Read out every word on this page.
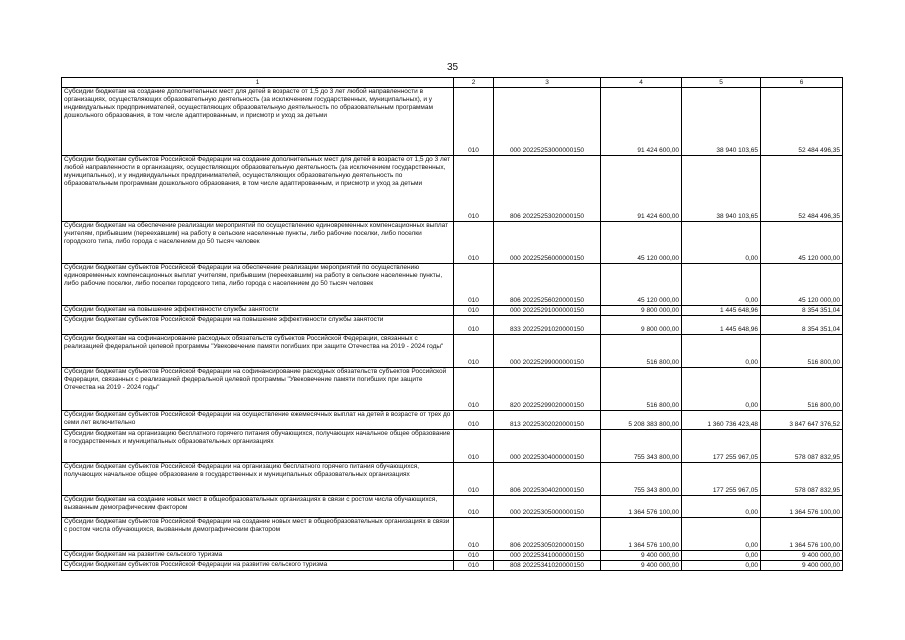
35
1	2	3	4	5	6
Субсидии бюджетам на создание дополнительных мест для детей в возрасте от 1,5 до 3 лет любой направленности в организациях, осуществляющих образовательную деятельность (за исключением государственных, муниципальных), и у индивидуальных предпринимателей, осуществляющих образовательную деятельность по образовательным программам дошкольного образования, в том числе адаптированным, и присмотр и уход за детьми	010	000 20225253000000150	91 424 600,00	38 940 103,65	52 484 496,35
Субсидии бюджетам субъектов Российской Федерации на создание дополнительных мест для детей в возрасте от 1,5 до 3 лет любой направленности в организациях, осуществляющих образовательную деятельность (за исключением государственных, муниципальных), и у индивидуальных предпринимателей, осуществляющих образовательную деятельность по образовательным программам дошкольного образования, в том числе адаптированным, и присмотр и уход за детьми	010	806 20225253020000150	91 424 600,00	38 940 103,65	52 484 496,35
Субсидии бюджетам на обеспечение реализации мероприятий по осуществлению единовременных компенсационных выплат учителям, прибывшим (переехавшим) на работу в сельские населенные пункты, либо рабочие поселки, либо поселки городского типа, либо города с населением до 50 тысяч человек	010	000 20225256000000150	45 120 000,00	0,00	45 120 000,00
Субсидии бюджетам субъектов Российской Федерации на обеспечение реализации мероприятий по осуществлению единовременных компенсационных выплат учителям, прибывшим (переехавшим) на работу в сельские населенные пункты, либо рабочие поселки, либо поселки городского типа, либо города с населением до 50 тысяч человек	010	806 20225256020000150	45 120 000,00	0,00	45 120 000,00
Субсидии бюджетам на повышение эффективности службы занятости	010	000 20225291000000150	9 800 000,00	1 445 648,96	8 354 351,04
Субсидии бюджетам субъектов Российской Федерации на повышение эффективности службы занятости	010	833 20225291020000150	9 800 000,00	1 445 648,96	8 354 351,04
Субсидии бюджетам на софинансирование расходных обязательств субъектов Российской Федерации, связанных с реализацией федеральной целевой программы "Увековечение памяти погибших при защите Отечества на 2019 - 2024 годы"	010	000 20225299000000150	516 800,00	0,00	516 800,00
Субсидии бюджетам субъектов Российской Федерации на софинансирование расходных обязательств субъектов Российской Федерации, связанных с реализацией федеральной целевой программы "Увековечение памяти погибших при защите Отечества на 2019 - 2024 годы"	010	820 20225299020000150	516 800,00	0,00	516 800,00
Субсидии бюджетам субъектов Российской Федерации на осуществление ежемесячных выплат на детей в возрасте от трех до семи лет включительно	010	813 20225302020000150	5 208 383 800,00	1 360 736 423,48	3 847 647 376,52
Субсидии бюджетам на организацию бесплатного горячего питания обучающихся, получающих начальное общее образование в государственных и муниципальных образовательных организациях	010	000 20225304000000150	755 343 800,00	177 255 967,05	578 087 832,95
Субсидии бюджетам субъектов Российской Федерации на организацию бесплатного горячего питания обучающихся, получающих начальное общее образование в государственных и муниципальных образовательных организациях	010	806 20225304020000150	755 343 800,00	177 255 967,05	578 087 832,95
Субсидии бюджетам на создание новых мест в общеобразовательных организациях в связи с ростом числа обучающихся, вызванным демографическим фактором	010	000 20225305000000150	1 364 576 100,00	0,00	1 364 576 100,00
Субсидии бюджетам субъектов Российской Федерации на создание новых мест в общеобразовательных организациях в связи с ростом числа обучающихся, вызванным демографическим фактором	010	806 20225305020000150	1 364 576 100,00	0,00	1 364 576 100,00
Субсидии бюджетам на развитие сельского туризма	010	000 20225341000000150	9 400 000,00	0,00	9 400 000,00
Субсидии бюджетам субъектов Российской Федерации на развитие сельского туризма	010	808 20225341020000150	9 400 000,00	0,00	9 400 000,00
